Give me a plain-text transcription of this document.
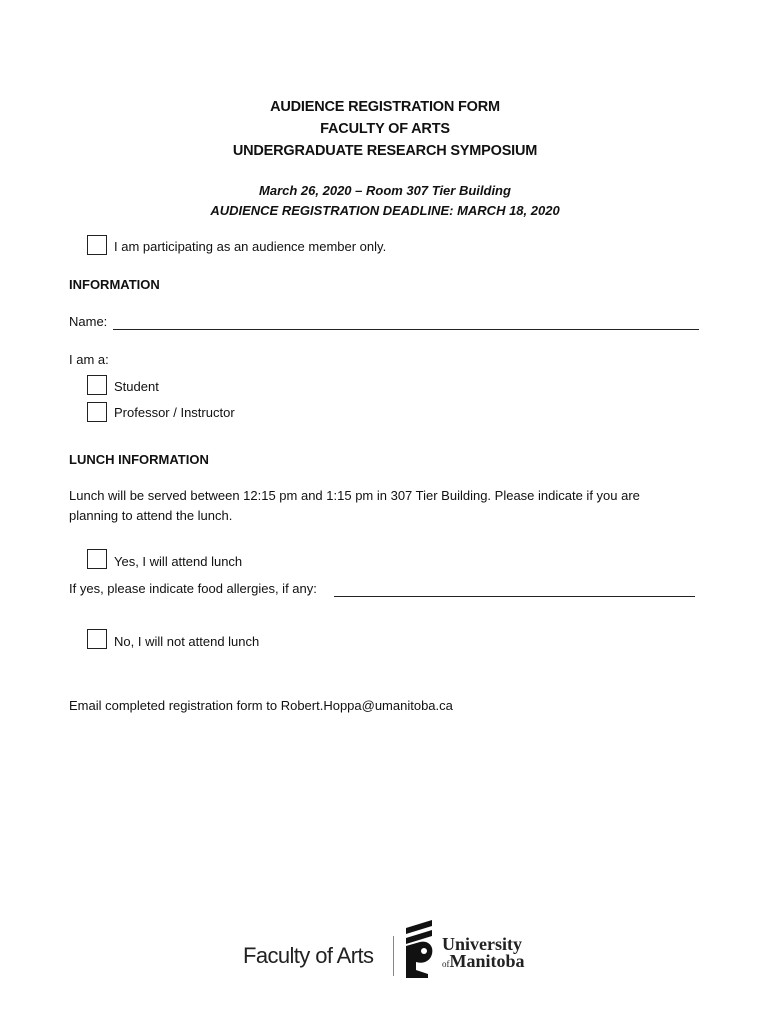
AUDIENCE REGISTRATION FORM
FACULTY OF ARTS
UNDERGRADUATE RESEARCH SYMPOSIUM
March 26, 2020 – Room 307 Tier Building
AUDIENCE REGISTRATION DEADLINE: MARCH 18, 2020
I am participating as an audience member only.
INFORMATION
Name:
I am a:
Student
Professor / Instructor
LUNCH INFORMATION
Lunch will be served between 12:15 pm and 1:15 pm in 307 Tier Building. Please indicate if you are
planning to attend the lunch.
Yes, I will attend lunch
If yes, please indicate food allergies, if any:
No, I will not attend lunch
Email completed registration form to Robert.Hoppa@umanitoba.ca
Faculty of Arts	University
ofManitoba
